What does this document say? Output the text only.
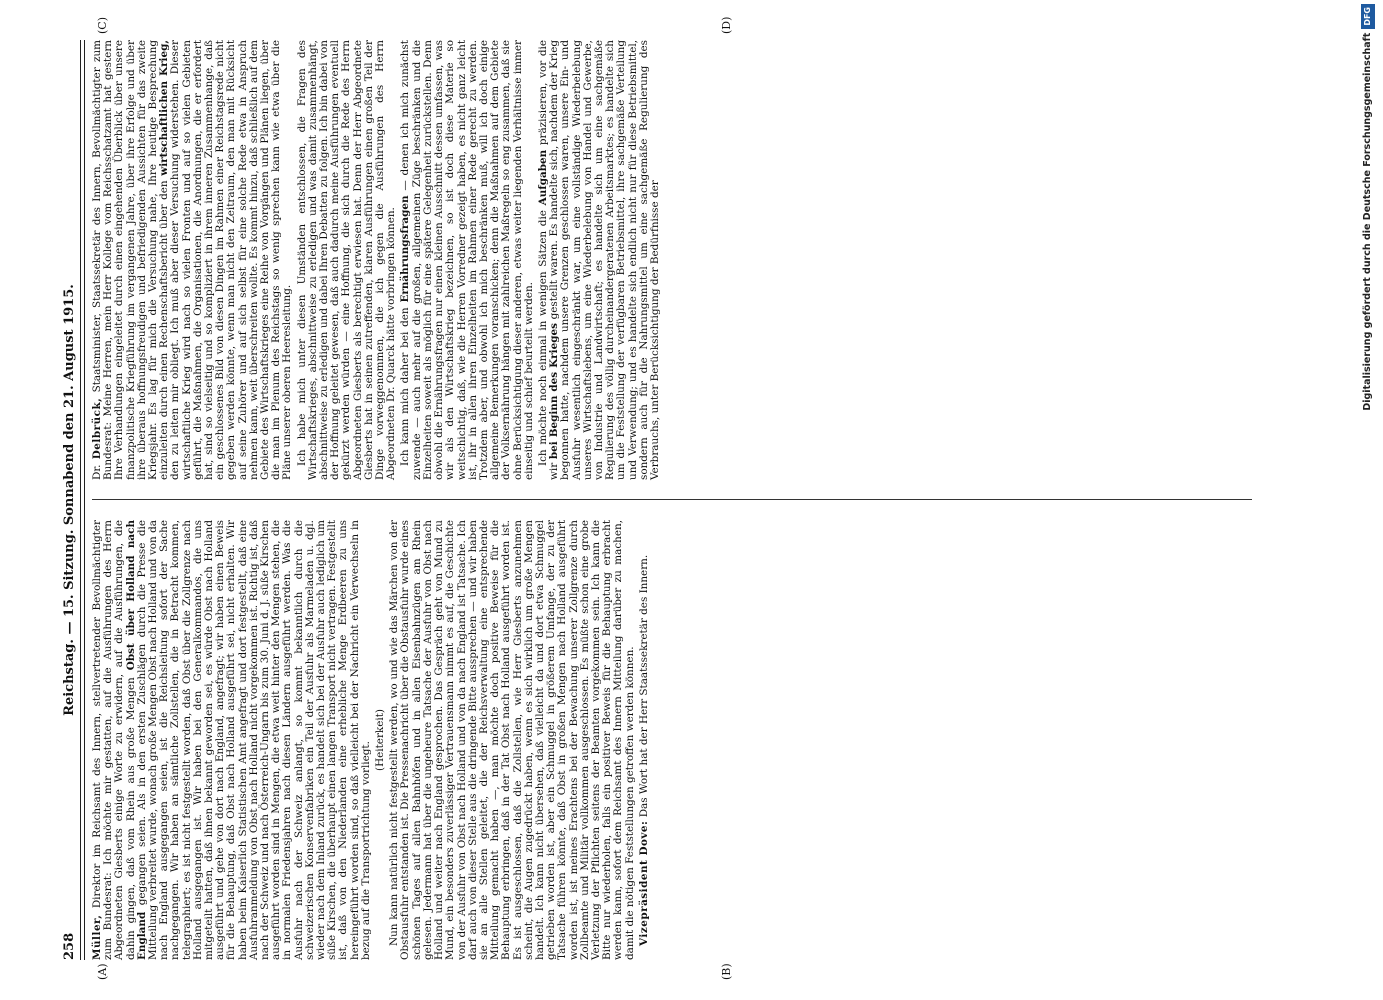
258
Reichstag. — 15. Sitzung. Sonnabend den 21. August 1915.
(A)	(B)
(C)	(D)

Müller, Direktor im Reichsamt des Innern, stellvertretender Bevollmächtigter zum Bundesrat: Ich möchte mir gestatten, auf die Ausführungen des Herrn Abgeordneten Giesberts einige Worte zu erwidern, auf die Ausführungen, die dahin gingen, daß vom Rhein aus große Mengen Obst über Holland nach England gegangen seien. Als in den ersten Zuschlägen durch die Presse die Mitteilung verbreitet wurde, wonach große Mengen Obst nach Holland und von da nach England ausgegangen seien, ist die Reichsleitung sofort der Sache nachgegangen. Wir haben an sämtliche Zollstellen, die in Betracht kommen, telegraphiert; es ist nicht festgestellt worden, daß Obst über die Zollgrenze nach Holland ausgegangen ist. Wir haben bei den Generalkommandos, die uns mitgeteilt hatten, daß ihnen bekannt geworden sei, es würde Obst nach Holland ausgeführt und gehe von dort nach England, angefragt; wir haben einen Beweis für die Behauptung, daß Obst nach Holland ausgeführt sei, nicht erhalten. Wir haben beim Kaiserlich Statistischen Amt angefragt und dort festgestellt, daß eine Ausfuhranmeldung von Obst nach Holland nicht vorgekommen ist. Richtig ist, daß nach der Schweiz und nach Österreich-Ungarn bis zum 30. Juni d. J. süße Kirschen ausgeführt worden sind in Mengen, die etwa weit hinter den Mengen stehen, die in normalen Friedensjahren nach diesen Ländern ausgeführt werden. Was die Ausfuhr nach der Schweiz anlangt, so kommt bekanntlich durch die schweizerischen Konservenfabriken ein Teil der Ausfuhr als Marmeladen u. dgl. wieder nach dem Inland zurück, es handelt sich bei der Ausfuhr auch lediglich um süße Kirschen, die überhaupt einen langen Transport nicht vertragen. Festgestellt ist, daß von den Niederlanden eine erhebliche Menge Erdbeeren zu uns hereingeführt worden sind, so daß vielleicht bei der Nachricht ein Verwechseln in bezug auf die Transportrichtung vorliegt.

(Heiterkeit) Nun kann natürlich nicht festgestellt werden, wo und wie das Märchen von der Obstausfuhr entstanden ist. Die Pressenachricht über die Obstausfuhr wurde eines schönen Tages auf allen Bahnhöfen und in allen Eisenbahnzügen am Rhein gelesen. Jedermann hat über die ungeheure Tatsache der Ausfuhr von Obst nach Holland und weiter nach England gesprochen. Das Gespräch geht von Mund zu Mund, ein besonders zuverlässiger Vertrauensmann nimmt es auf, die Geschichte von der Ausfuhr von Obst nach Holland und von da nach England ist Tatsache. Ich darf auch von dieser Stelle aus die dringende Bitte aussprechen — und wir haben sie an alle Stellen geleitet, die der Reichsverwaltung eine entsprechende Mitteilung gemacht haben —, man möchte doch positive Beweise für die Behauptung erbringen, daß in der Tat Obst nach Holland ausgeführt worden ist. Es ist ausgeschlossen, daß die Zollstellen, wie Herr Giesberts anzunehmen scheint, die Augen zugedrückt haben, wenn es sich wirklich um große Mengen handelt. Ich kann nicht übersehen, daß vielleicht da und dort etwa Schmuggel getrieben worden ist, aber ein Schmuggel in größerem Umfange, der zu der Tatsache führen könnte, daß Obst in großen Mengen nach Holland ausgeführt worden ist, ist meines Erachtens bei der Bewachung unserer Zollgrenze durch Zollbeamte und Militär vollkommen ausgeschlossen. Es müßte schon eine grobe Verletzung der Pflichten seitens der Beamten vorgekommen sein. Ich kann die Bitte nur wiederholen, falls ein positiver Beweis für die Behauptung erbracht werden kann, sofort dem Reichsamt des Innern Mitteilung darüber zu machen, damit die nötigen Feststellungen getroffen werden können. Vizepräsident Dove: Das Wort hat der Herr Staatssekretär des Innern.

Dr. Delbrück, Staatsminister, Staatssekretär des Innern, Bevollmächtigter zum Bundesrat: Meine Herren, mein Herr Kollege vom Reichsschatzamt hat gestern Ihre Verhandlungen eingeleitet durch einen eingehenden Überblick über unsere finanzpolitische Kriegführung im vergangenen Jahre, über ihre Erfolge und über ihre überaus hoffnungsfreudigen und befriedigenden Aussichten für das zweite Kriegsjahr. Es lag für mich die Versuchung nahe, Ihre heutige Besprechung einzuleiten durch einen Rechenschaftsbericht über den wirtschaftlichen Krieg, den zu leiten mir obliegt. Ich muß aber dieser Versuchung widerstehen. Dieser wirtschaftliche Krieg wird nach so vielen Fronten und auf so vielen Gebieten geführt, die Maßnahmen, die Organisationen, die Anordnungen, die er erfordert hat, sind so vielseitig und so kompliziert in ihrem inneren Zusammenhange, daß ein geschlossenes Bild von diesen Dingen im Rahmen einer Reichstagsrede nicht gegeben werden könnte, wenn man nicht den Zeitraum, den man mit Rücksicht auf seine Zuhörer und auf sich selbst für eine solche Rede etwa in Anspruch nehmen kann, weit überschreiten wollte. Es kommt hinzu, daß schließlich auf dem Gebiete des Wirtschaftskrieges eine Reihe von Vorgängen und Plänen liegen, über die man im Plenum des Reichstags so wenig sprechen kann wie etwa über die Pläne unserer oberen Heeresleitung. Ich habe mich unter diesen Umständen entschlossen, die Fragen des Wirtschaftskrieges, abschnittweise zu erledigen und was damit zusammenhängt, abschnittweise zu erledigen und dabei Ihren Debatten zu folgen. Ich bin dabei von der Hoffnung geleitet gewesen, daß auch dadurch meine Ausführungen eventuell gekürzt werden würden — eine Hoffnung, die sich durch die Rede des Herrn Abgeordneten Giesberts als berechtigt erwiesen hat. Denn der Herr Abgeordnete Giesberts hat in seinen zutreffenden, klaren Ausführungen einen großen Teil der Dinge vorweggenommen, die ich gegen die Ausführungen des Herrn Abgeordneten Dr. Quarck hätte vorbringen können. Ich kann mich daher bei den Ernährungsfragen — denen ich mich zunächst zuwende — auch mehr auf die großen, allgemeinen Züge beschränken und die Einzelheiten soweit als möglich für eine spätere Gelegenheit zurückstellen. Denn obwohl die Ernährungsfragen nur einen kleinen Ausschnitt dessen umfassen, was wir als den Wirtschaftskrieg bezeichnen, so ist doch diese Materie so weitschichtig, daß, wie die Herren Vorredner gezeigt haben, es nicht ganz leicht ist, ihr in allen ihren Einzelheiten im Rahmen einer Rede gerecht zu werden. Trotzdem aber, und obwohl ich mich beschränken muß, will ich doch einige allgemeine Bemerkungen voranschicken; denn die Maßnahmen auf dem Gebiete der Volksernährung hängen mit zahlreichen Maßregeln so eng zusammen, daß sie ohne Berücksichtigung dieser anderen, etwas weiter liegenden Verhältnisse immer einseitig und schief beurteilt werden. Ich möchte noch einmal in wenigen Sätzen die Aufgaben präzisieren, vor die wir bei Beginn des Krieges gestellt waren. Es handelte sich, nachdem der Krieg begonnen hatte, nachdem unsere Grenzen geschlossen waren, unsere Ein- und Ausfuhr wesentlich eingeschränkt war, um eine vollständige Wiederbelebung unseres Wirtschaftslebens, um eine Wiederbelebung von Handel und Gewerbe, von Industrie und Landwirtschaft; es handelte sich um eine sachgemäße Regulierung des völlig durcheinandergeratenen Arbeitsmarktes; es handelte sich um die Feststellung der verfügbaren Betriebsmittel, ihre sachgemäße Verteilung und Verwendung; und es handelte sich endlich nicht nur für diese Betriebsmittel, sondern auch für die Nahrungsmittel um eine sachgemäße Regulierung des Verbrauchs, unter Berücksichtigung der Bedürfnisse der	Digitalisierung gefördert durch die Deutsche ForschungsgemeinschaftDFG
